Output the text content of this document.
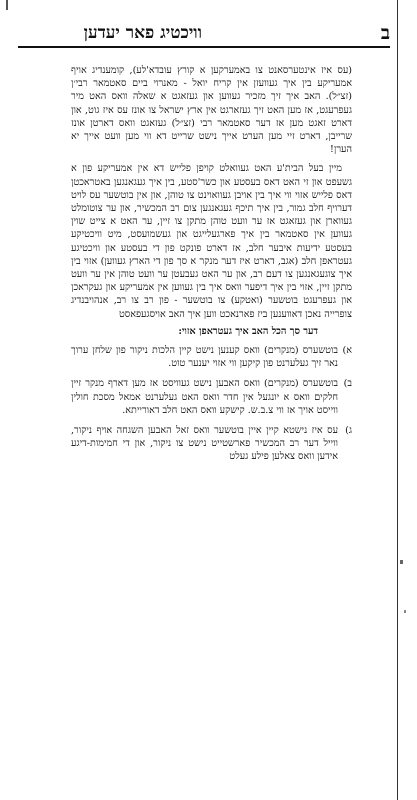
ב
וויכטיג פאר יעדען

(עס איז אינטערסאנט צו באמערקען א קורץ עובדא'לע), קומענדיג אויף אמעריקע בין איך געוועזן אין קריח יואל - מאנרוי ביים סאטמאר רבי׳ן (זצ״ל). האב איך זיך מזכיר געווען און געזאגט א שאלה וואס האט מיר געפרעגט, אז מען האט זיך געזארגט אין ארץ ישראל צו אונז עס איז גוט, און דארט זאגט מען אז דער סאטמאר רבי (זצ״ל) געזאגט וואס דארטן אונז שרייבן, דארט זיי מען הערט אייך נישט שרייט דא ווי מען וועט אייך יא הערן!

מיין בעל הבית'ע האט געוואלט קויפן פלייש דא אין אמעריקע פון א גשעפט און זי האט דאס בעסטע און כשר'סטע, בין איך געגאנגען באטראכטן דאס פלייש אזוי ווי איך בין אויבן געוואוינט צו טוהן, און אין בוטשער עס לויט דערויף חלב גמור, בין איך תיכף געגאנגען צום רב המכשיר, און ער צוטומלט געווארן און געזאגט אז ער וועט טוהן מתקן צו זיין, ער האט א צייט שוין געווען אין סאטמאר בין איך פארגעלייגט און געשמועסט, מיט וויכטיקע בעסטע ידיעות איבער חלב, אז דארט פונקט פון די בעסטע און וויכטיגע געטראפן חלב (אגב, דארט איז דער מנקר א סך פון די הארץ געווען) אזוי בין איך צוגעגאנגען צו דעם רב, און ער האט געבעטן ער וועט טוהן אין ער וועט מתקן זיין, אזוי בין איך דיפער וואס איך בין געווען אין אמעריקע און געקראכן און געפרעגט בוטשער (ואטקע) צו בוטשער - פון רב צו רב, אנהויבנדיג צופרייה נאכן דאווענען ביז פארנאכט ווען איך האב אויסגעפאסט

דער סך הכל האב איך געטראפן אזוי:

א)
בוטשערס (מנקרים) וואס קענען נישט קיין הלכות ניקור פון שלחן ערוך נאר זיך געלערנט פון קיקען ווי אזוי יענער טוט.
ב)
בוטשערס (מנקרים) וואס האבען נישט געוויסט אז מען דארף מנקר זיין חלקים וואס א יונגעל אין חדר וואס האט געלערנט אמאל מסכת חולין ווייסט אויך אז ווי צ.ב.ש. קישקע וואס האט חלב דאורייתא.
ג)
עס איז נישטא קיין איין בוטשער וואס זאל האבען השגחה אויף ניקור, ווייל דער רב המכשיר פארשטייט נישט צו ניקור, און די חמימות-דיגע אידען וואס צאלען פילע געלט
